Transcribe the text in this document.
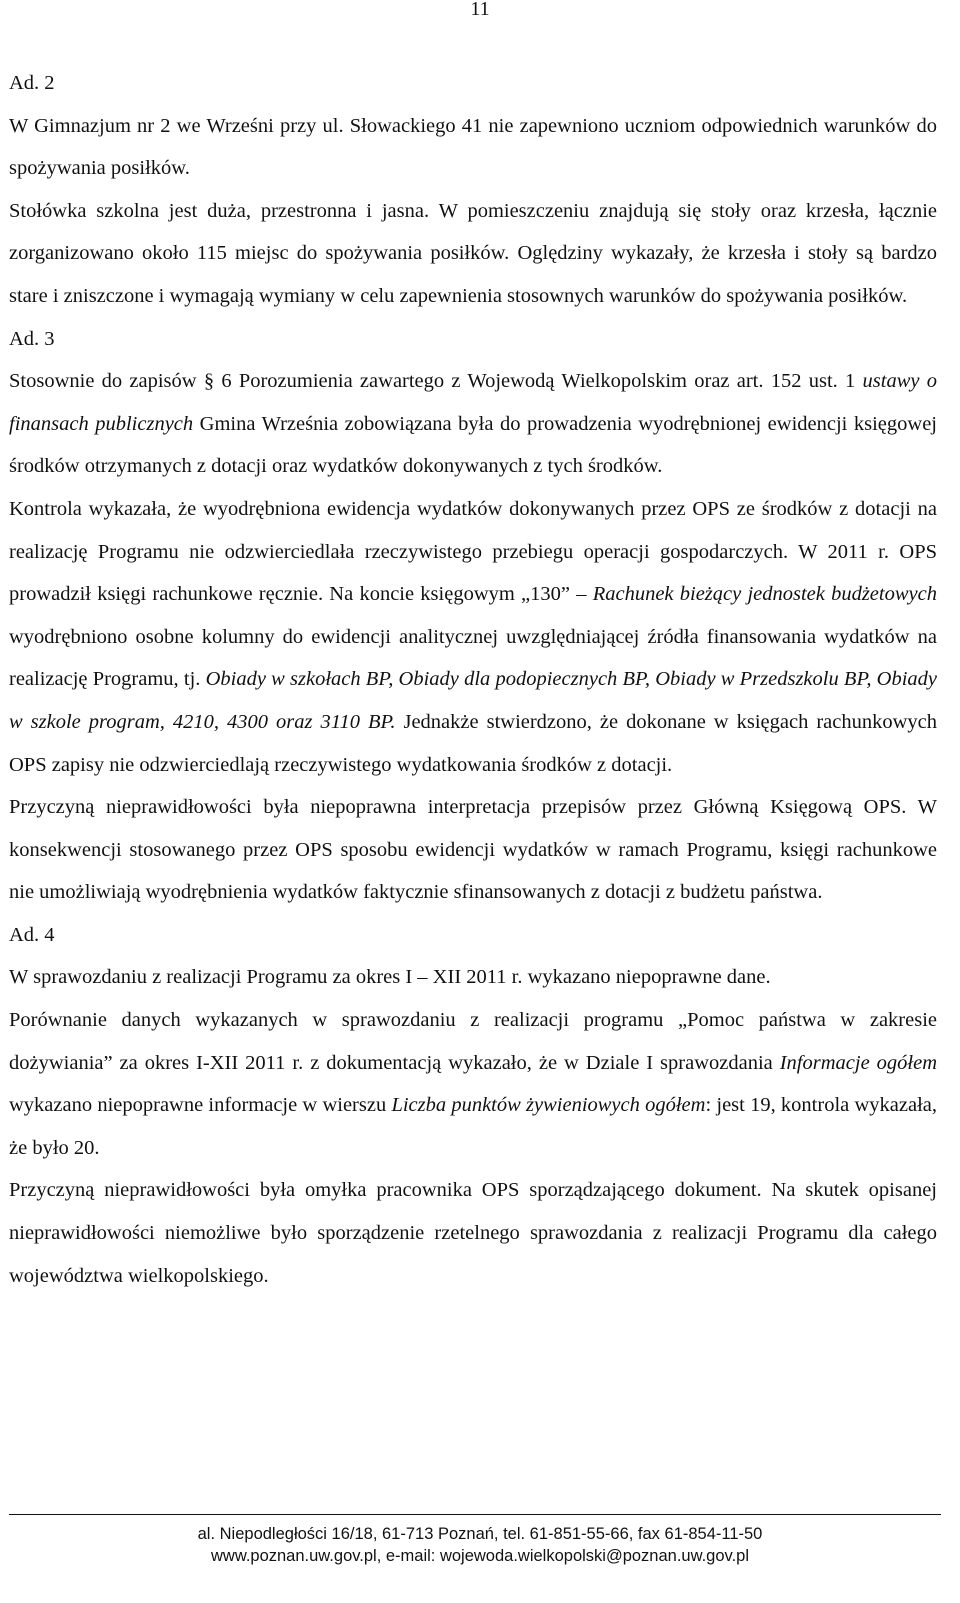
11

Ad. 2

W Gimnazjum nr 2 we Wrześni przy ul. Słowackiego 41 nie zapewniono uczniom odpowiednich warunków do spożywania posiłków.

Stołówka szkolna jest duża, przestronna i jasna. W pomieszczeniu znajdują się stoły oraz krzesła, łącznie zorganizowano około 115 miejsc do spożywania posiłków. Oględziny wykazały, że krzesła i stoły są bardzo stare i zniszczone i wymagają wymiany w celu zapewnienia stosownych warunków do spożywania posiłków.

Ad. 3

Stosownie do zapisów § 6 Porozumienia zawartego z Wojewodą Wielkopolskim oraz art. 152 ust. 1 ustawy o finansach publicznych Gmina Września zobowiązana była do prowadzenia wyodrębnionej ewidencji księgowej środków otrzymanych z dotacji oraz wydatków dokonywanych z tych środków.

Kontrola wykazała, że wyodrębniona ewidencja wydatków dokonywanych przez OPS ze środków z dotacji na realizację Programu nie odzwierciedlała rzeczywistego przebiegu operacji gospodarczych. W 2011 r. OPS prowadził księgi rachunkowe ręcznie. Na koncie księgowym „130” – Rachunek bieżący jednostek budżetowych wyodrębniono osobne kolumny do ewidencji analitycznej uwzględniającej źródła finansowania wydatków na realizację Programu, tj. Obiady w szkołach BP, Obiady dla podopiecznych BP, Obiady w Przedszkolu BP, Obiady w szkole program, 4210, 4300 oraz 3110 BP. Jednakże stwierdzono, że dokonane w księgach rachunkowych OPS zapisy nie odzwierciedlają rzeczywistego wydatkowania środków z dotacji.

Przyczyną nieprawidłowości była niepoprawna interpretacja przepisów przez Główną Księgową OPS. W konsekwencji stosowanego przez OPS sposobu ewidencji wydatków w ramach Programu, księgi rachunkowe nie umożliwiają wyodrębnienia wydatków faktycznie sfinansowanych z dotacji z budżetu państwa.

Ad. 4

W sprawozdaniu z realizacji Programu za okres I – XII 2011 r. wykazano niepoprawne dane.

Porównanie danych wykazanych w sprawozdaniu z realizacji programu „Pomoc państwa w zakresie dożywiania” za okres I-XII 2011 r. z dokumentacją wykazało, że w Dziale I sprawozdania Informacje ogółem wykazano niepoprawne informacje w wierszu Liczba punktów żywieniowych ogółem: jest 19, kontrola wykazała, że było 20.

Przyczyną nieprawidłowości była omyłka pracownika OPS sporządzającego dokument. Na skutek opisanej nieprawidłowości niemożliwe było sporządzenie rzetelnego sprawozdania z realizacji Programu dla całego województwa wielkopolskiego.

al. Niepodległości 16/18, 61-713 Poznań, tel. 61-851-55-66, fax 61-854-11-50
www.poznan.uw.gov.pl, e-mail: wojewoda.wielkopolski@poznan.uw.gov.pl
